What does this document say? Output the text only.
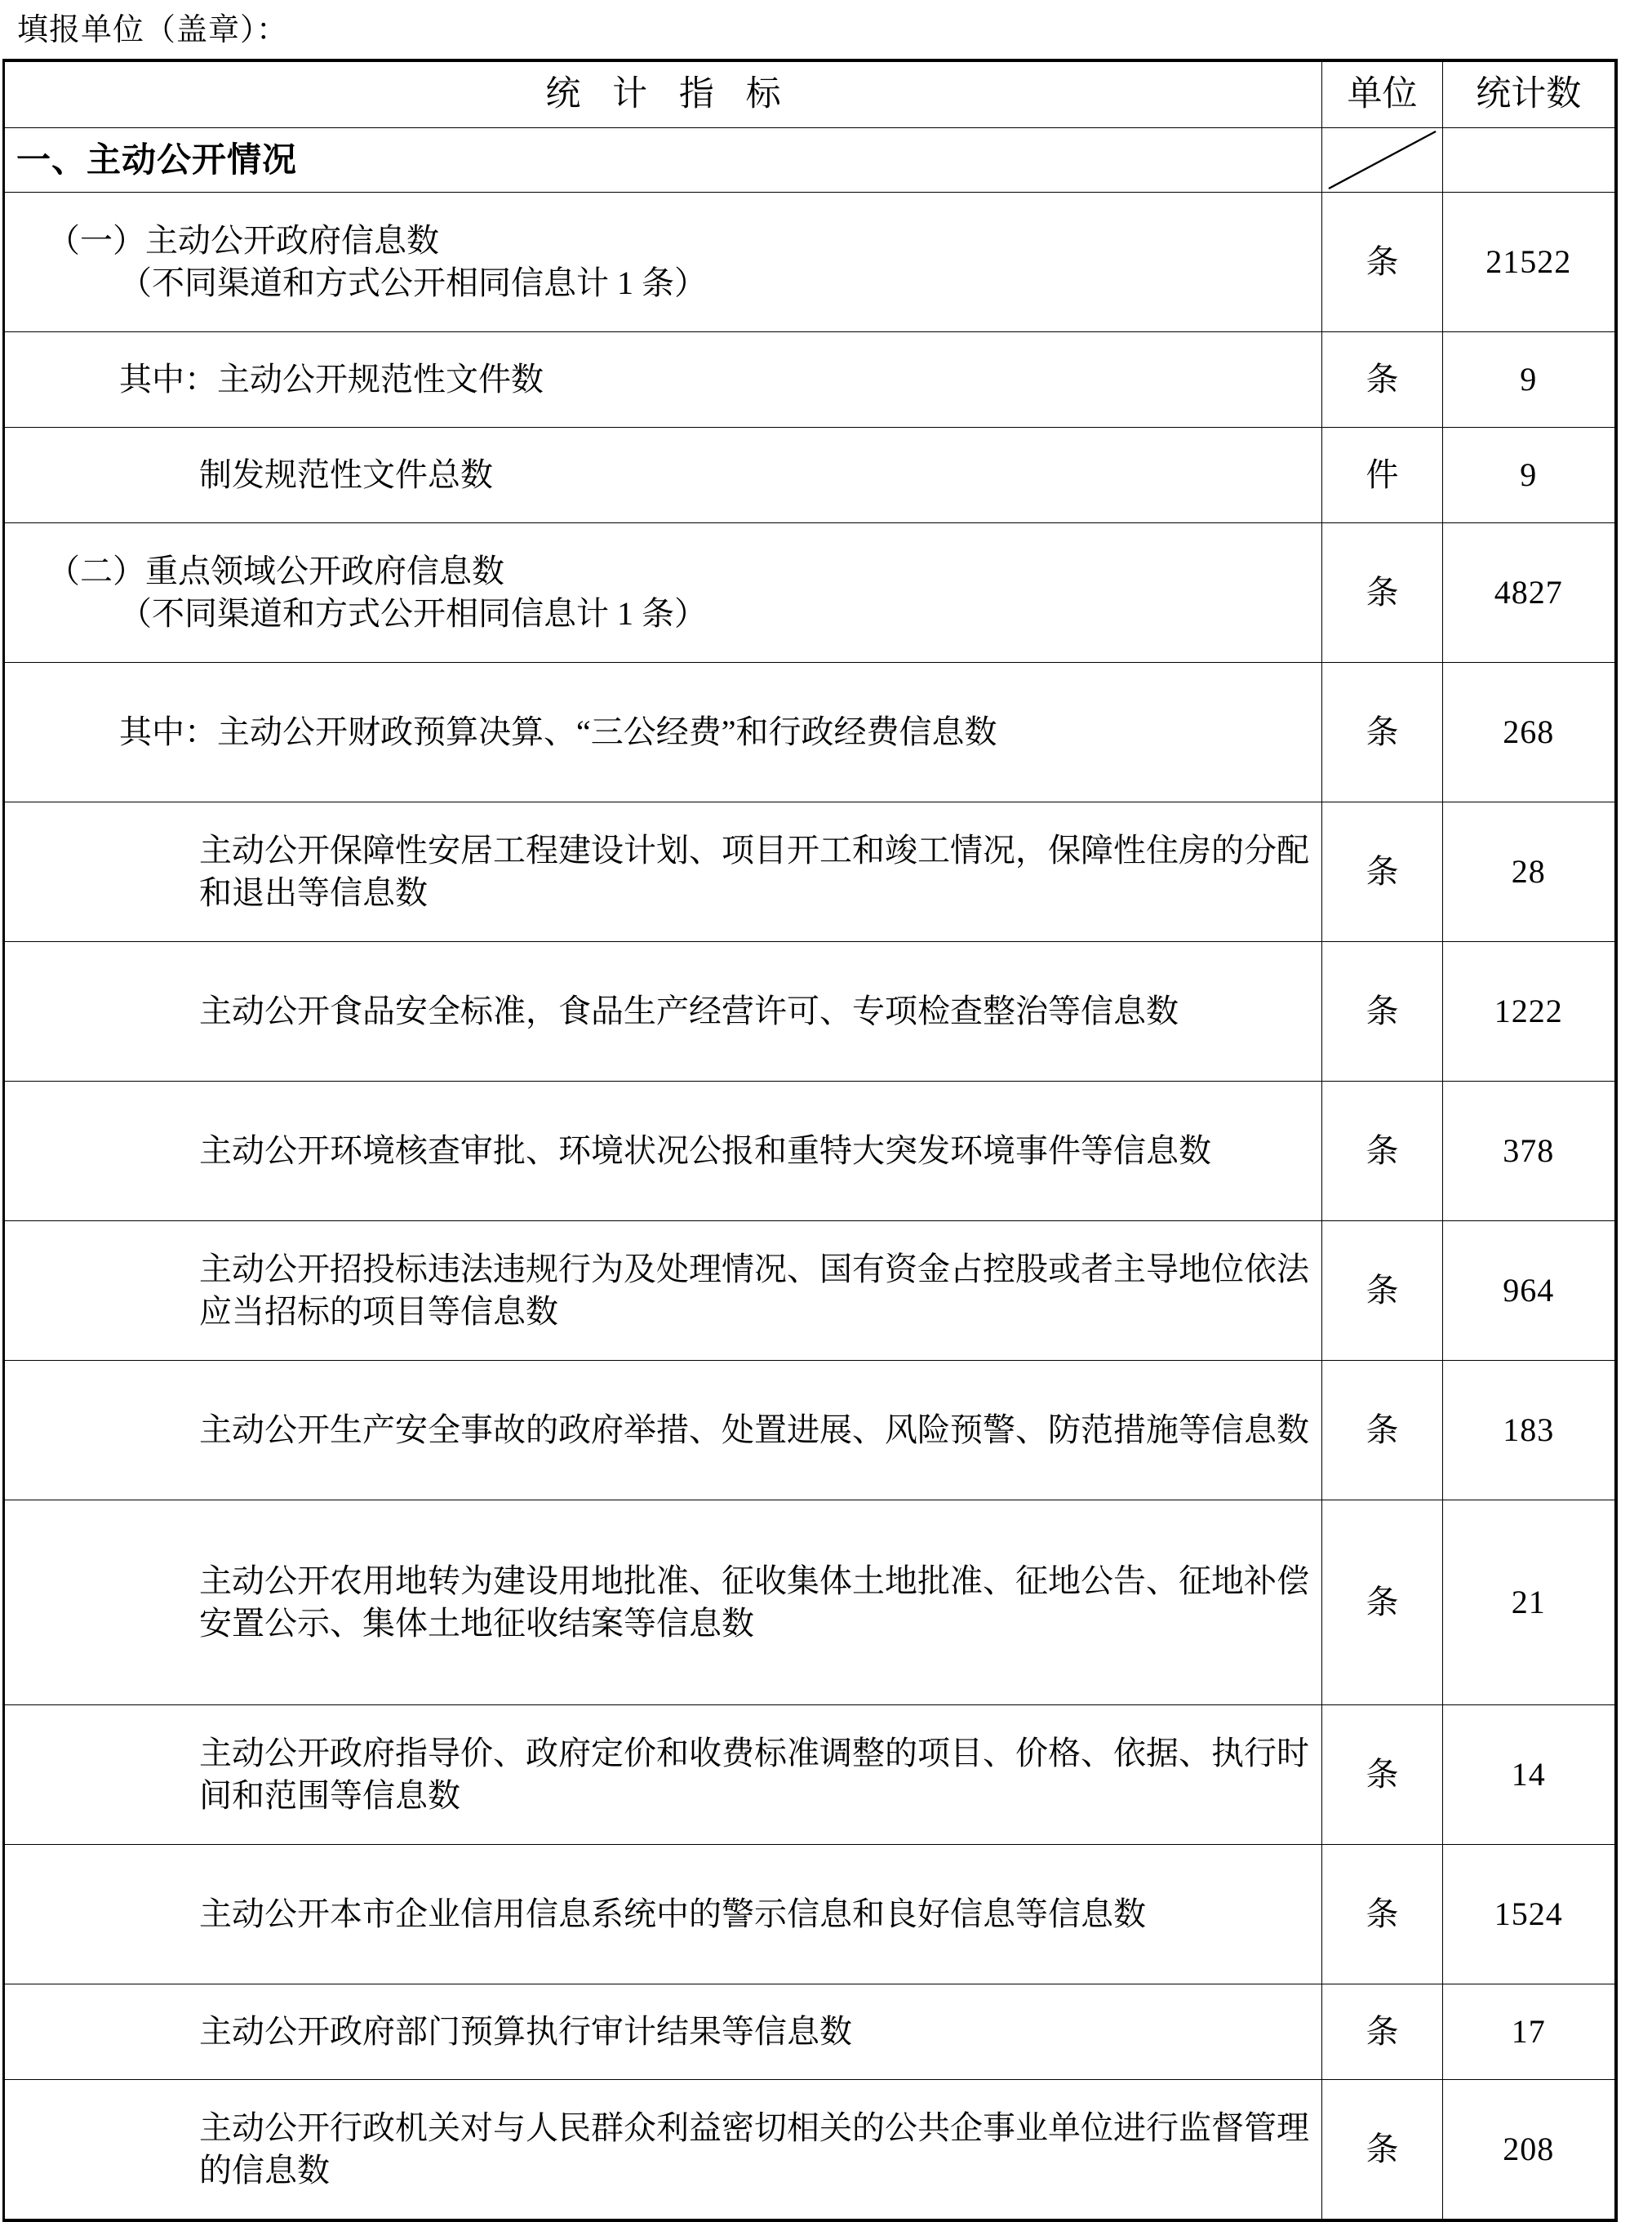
填报单位（盖章）：
统 计 指 标	单位	统计数
一、主动公开情况	

（一）主动公开政府信息数
（不同渠道和方式公开相同信息计 1 条）	条	21522

其中：主动公开规范性文件数	条	9

制发规范性文件总数	件	9

（二）重点领域公开政府信息数
（不同渠道和方式公开相同信息计 1 条）	条	4827

其中：主动公开财政预算决算、“三公经费”和行政经费信息数	条	268

主动公开保障性安居工程建设计划、项目开工和竣工情况，保障性住房的分配和退出等信息数	条	28

主动公开食品安全标准，食品生产经营许可、专项检查整治等信息数	条	1222

主动公开环境核查审批、环境状况公报和重特大突发环境事件等信息数	条	378

主动公开招投标违法违规行为及处理情况、国有资金占控股或者主导地位依法应当招标的项目等信息数	条	964

主动公开生产安全事故的政府举措、处置进展、风险预警、防范措施等信息数	条	183

主动公开农用地转为建设用地批准、征收集体土地批准、征地公告、征地补偿安置公示、集体土地征收结案等信息数	条	21

主动公开政府指导价、政府定价和收费标准调整的项目、价格、依据、执行时间和范围等信息数	条	14

主动公开本市企业信用信息系统中的警示信息和良好信息等信息数	条	1524

主动公开政府部门预算执行审计结果等信息数	条	17

主动公开行政机关对与人民群众利益密切相关的公共企事业单位进行监督管理的信息数	条	208
